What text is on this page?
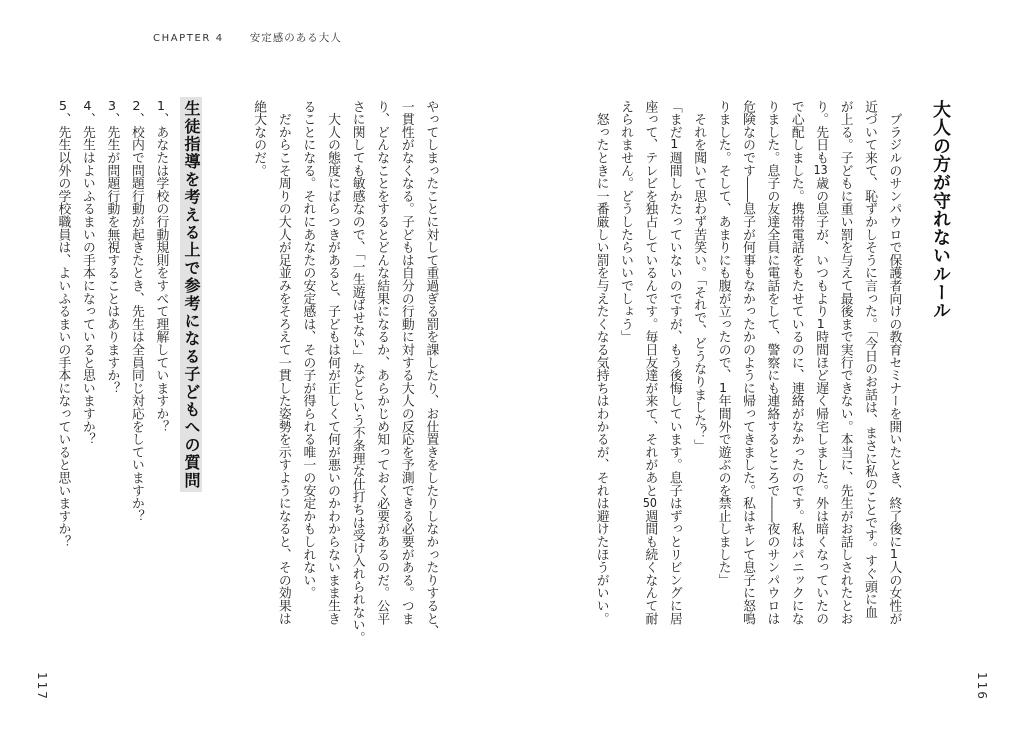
CHAPTER 4 安定感のある大人
やってしまったことに対して重過ぎる罰を課したり、お仕置きをしたりしなかったりすると、
一貫性がなくなる。子どもは自分の行動に対する大人の反応を予測できる必要がある。つま
り、どんなことをするとどんな結果になるか、あらかじめ知っておく必要があるのだ。公平
さに関しても敏感なので、「一生遊ばせない」などという不条理な仕打ちは受け入れられない。
　大人の態度にばらつきがあると、子どもは何が正しくて何が悪いのかわからないまま生き
ることになる。それにあなたの安定感は、その子が得られる唯一の安定かもしれない。
　だからこそ周りの大人が足並みをそろえて一貫した姿勢を示すようになると、その効果は
絶大なのだ。
生徒指導を考える上で参考になる子どもへの質問
1、あなたは学校の行動規則をすべて理解していますか？
2、校内で問題行動が起きたとき、先生は全員同じ対応をしていますか？
3、先生が問題行動を無視することはありますか？
4、先生はよいふるまいの手本になっていると思いますか？
5、先生以外の学校職員は、よいふるまいの手本になっていると思いますか？
117
大人の方が守れないルール
　ブラジルのサンパウロで保護者向けの教育セミナーを開いたとき、終了後に1人の女性が
近づいて来て、恥ずかしそうに言った。「今日のお話は、まさに私のことです。すぐ頭に血
が上る。子どもに重い罰を与えて最後まで実行できない。本当に、先生がお話しされたとお
り。先日も13歳の息子が、いつもより1時間ほど遅く帰宅しました。外は暗くなっていたの
で心配しました。携帯電話をもたせているのに、連絡がなかったのです。私はパニックにな
りました。息子の友達全員に電話をして、警察にも連絡するところで――夜のサンパウロは
危険なのです――息子が何事もなかったかのように帰ってきました。私はキレて息子に怒鳴
りました。そして、あまりにも腹が立ったので、1年間外で遊ぶのを禁止しました」
　それを聞いて思わず苦笑い。「それで、どうなりました？」
「まだ1週間しかたっていないのですが、もう後悔しています。息子はずっとリビングに居
座って、テレビを独占しているんです。毎日友達が来て、それがあと50週間も続くなんて耐
えられません。どうしたらいいでしょう」
　怒ったときに一番厳しい罰を与えたくなる気持ちはわかるが、それは避けたほうがいい。
116
